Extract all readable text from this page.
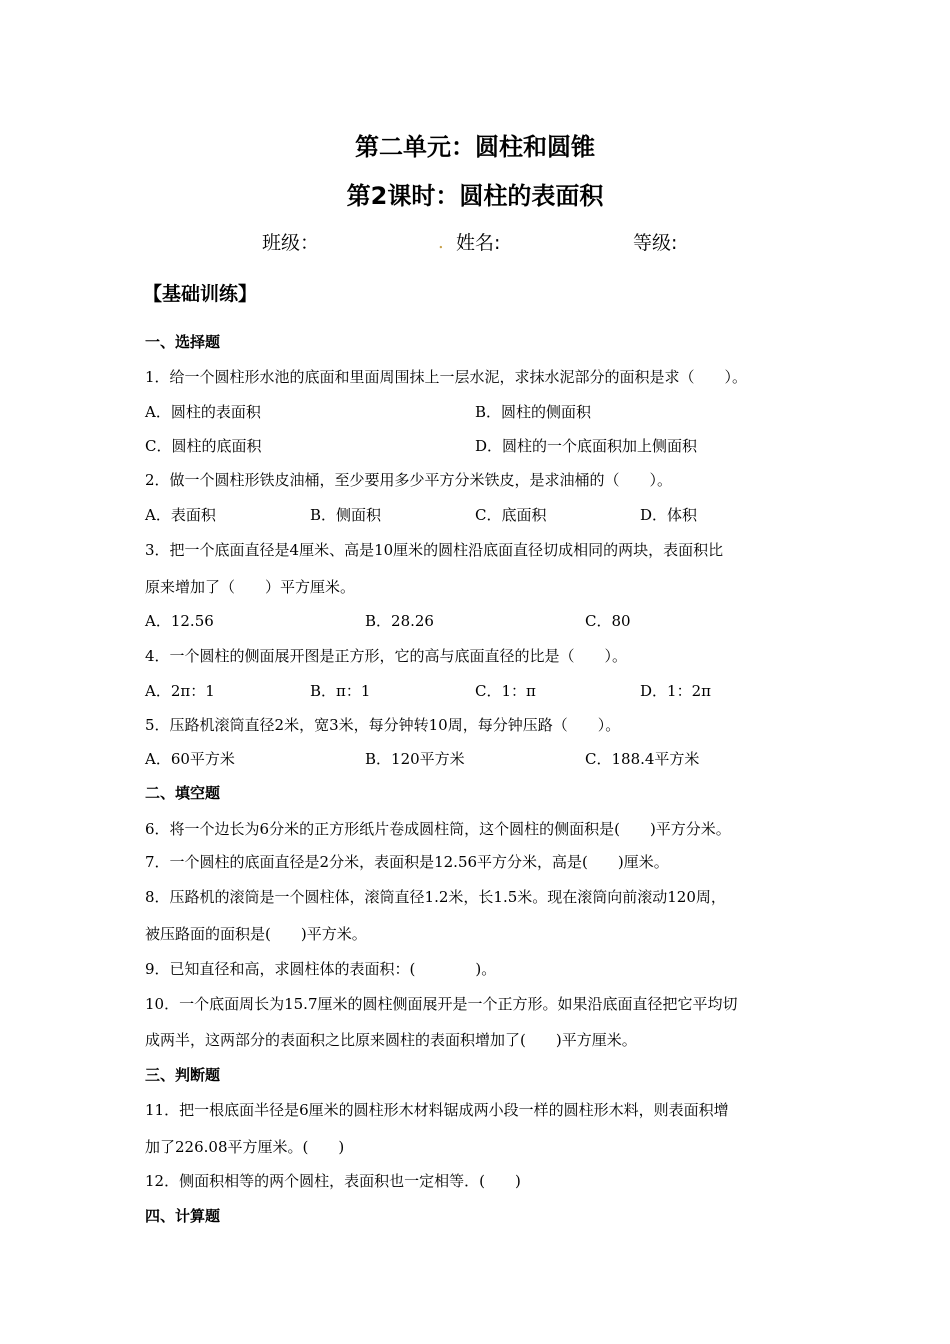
第二单元：圆柱和圆锥
第2课时：圆柱的表面积
班级：	. 姓名:	等级:
【基础训练】
一、选择题
1．给一个圆柱形水池的底面和里面周围抹上一层水泥，求抹水泥部分的面积是求（　　）。
A．圆柱的表面积	B．圆柱的侧面积
C．圆柱的底面积	D．圆柱的一个底面积加上侧面积
2．做一个圆柱形铁皮油桶，至少要用多少平方分米铁皮，是求油桶的（　　）。
A．表面积	B．侧面积	C．底面积	D．体积
3．把一个底面直径是4厘米、高是10厘米的圆柱沿底面直径切成相同的两块，表面积比
原来增加了（　　）平方厘米。
A．12.56	B．28.26	C．80
4．一个圆柱的侧面展开图是正方形，它的高与底面直径的比是（　　）。
A．2π：1	B．π：1	C．1：π	D．1：2π
5．压路机滚筒直径2米，宽3米，每分钟转10周，每分钟压路（　　）。
A．60平方米	B．120平方米	C．188.4平方米
二、填空题
6．将一个边长为6分米的正方形纸片卷成圆柱筒，这个圆柱的侧面积是(　　)平方分米。
7．一个圆柱的底面直径是2分米，表面积是12.56平方分米，高是(　　)厘米。
8．压路机的滚筒是一个圆柱体，滚筒直径1.2米，长1.5米。现在滚筒向前滚动120周，
被压路面的面积是(　　)平方米。
9．已知直径和高，求圆柱体的表面积：(　　　　)。
10．一个底面周长为15.7厘米的圆柱侧面展开是一个正方形。如果沿底面直径把它平均切
成两半，这两部分的表面积之比原来圆柱的表面积增加了(　　)平方厘米。
三、判断题
11．把一根底面半径是6厘米的圆柱形木材料锯成两小段一样的圆柱形木料，则表面积增
加了226.08平方厘米。(　　)
12．侧面积相等的两个圆柱，表面积也一定相等．(　　)
四、计算题
